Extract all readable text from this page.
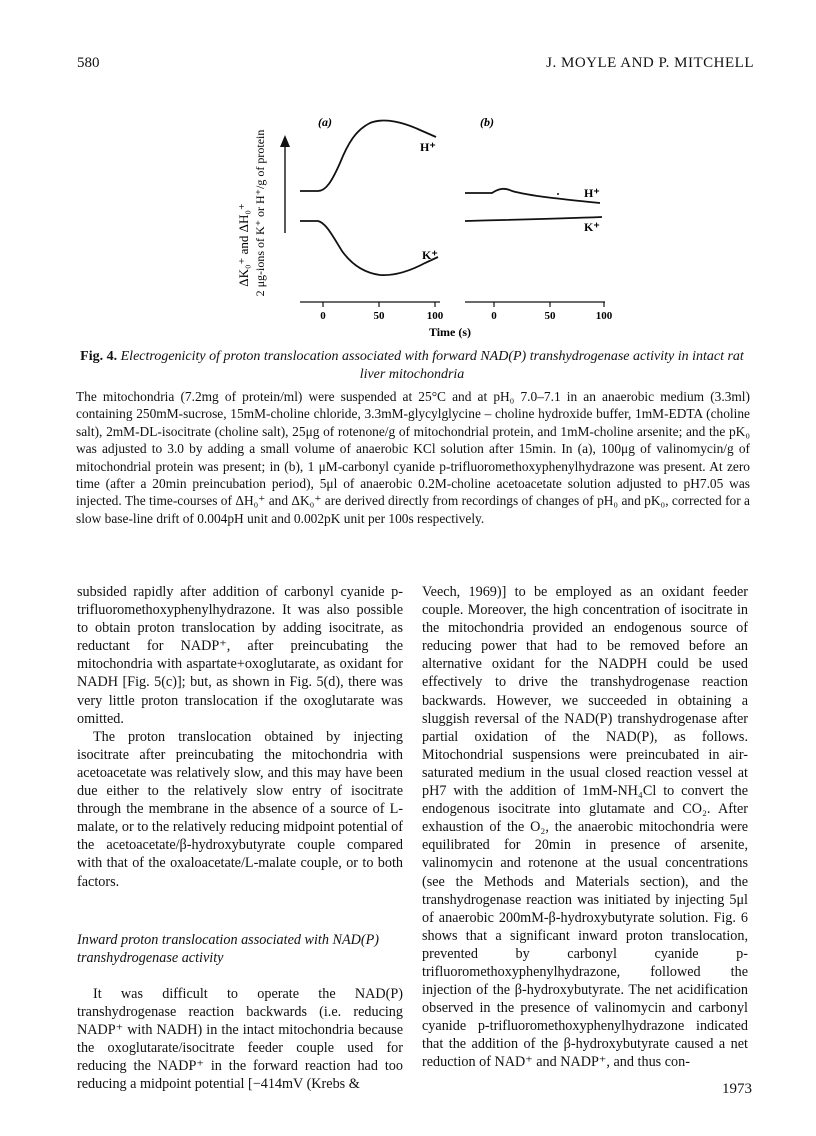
580	J. MOYLE AND P. MITCHELL
ΔK₀⁺ and ΔH₀⁺ 2 μg-ions of K⁺ or H⁺/g of protein
(a)	(b)
H⁺
K⁺
H⁺
K⁺
0	50	100	0	50	100
Time (s)
Fig. 4. Electrogenicity of proton translocation associated with forward NAD(P) transhydrogenase activity in intact rat liver mitochondria
The mitochondria (7.2mg of protein/ml) were suspended at 25°C and at pH₀ 7.0–7.1 in an anaerobic medium (3.3ml) containing 250mM-sucrose, 15mM-choline chloride, 3.3mM-glycylglycine – choline hydroxide buffer, 1mM-EDTA (choline salt), 2mM-DL-isocitrate (choline salt), 25μg of rotenone/g of mitochondrial protein, and 1mM-choline arsenite; and the pK₀ was adjusted to 3.0 by adding a small volume of anaerobic KCl solution after 15min. In (a), 100μg of valinomycin/g of mitochondrial protein was present; in (b), 1 μM-carbonyl cyanide p-trifluoromethoxyphenylhydrazone was present. At zero time (after a 20min preincubation period), 5μl of anaerobic 0.2M-choline acetoacetate solution adjusted to pH7.05 was injected. The time-courses of ΔH₀⁺ and ΔK₀⁺ are derived directly from recordings of changes of pH₀ and pK₀, corrected for a slow base-line drift of 0.004pH unit and 0.002pK unit per 100s respectively.

subsided rapidly after addition of carbonyl cyanide p-trifluoromethoxyphenylhydrazone. It was also possible to obtain proton translocation by adding isocitrate, as reductant for NADP⁺, after preincubating the mitochondria with aspartate+oxoglutarate, as oxidant for NADH [Fig. 5(c)]; but, as shown in Fig. 5(d), there was very little proton translocation if the oxoglutarate was omitted.

The proton translocation obtained by injecting isocitrate after preincubating the mitochondria with acetoacetate was relatively slow, and this may have been due either to the relatively slow entry of isocitrate through the membrane in the absence of a source of L-malate, or to the relatively reducing midpoint potential of the acetoacetate/β-hydroxybutyrate couple compared with that of the oxaloacetate/L-malate couple, or to both factors.

Inward proton translocation associated with NAD(P) transhydrogenase activity

It was difficult to operate the NAD(P) transhydrogenase reaction backwards (i.e. reducing NADP⁺ with NADH) in the intact mitochondria because the oxoglutarate/isocitrate feeder couple used for reducing the NADP⁺ in the forward reaction had too reducing a midpoint potential [−414mV (Krebs &

Veech, 1969)] to be employed as an oxidant feeder couple. Moreover, the high concentration of isocitrate in the mitochondria provided an endogenous source of reducing power that had to be removed before an alternative oxidant for the NADPH could be used effectively to drive the transhydrogenase reaction backwards. However, we succeeded in obtaining a sluggish reversal of the NAD(P) transhydrogenase after partial oxidation of the NAD(P), as follows. Mitochondrial suspensions were preincubated in air-saturated medium in the usual closed reaction vessel at pH7 with the addition of 1mM-NH₄Cl to convert the endogenous isocitrate into glutamate and CO₂. After exhaustion of the O₂, the anaerobic mitochondria were equilibrated for 20min in presence of arsenite, valinomycin and rotenone at the usual concentrations (see the Methods and Materials section), and the transhydrogenase reaction was initiated by injecting 5μl of anaerobic 200mM-β-hydroxybutyrate solution. Fig. 6 shows that a significant inward proton translocation, prevented by carbonyl cyanide p-trifluoromethoxyphenylhydrazone, followed the injection of the β-hydroxybutyrate. The net acidification observed in the presence of valinomycin and carbonyl cyanide p-trifluoromethoxyphenylhydrazone indicated that the addition of the β-hydroxybutyrate caused a net reduction of NAD⁺ and NADP⁺, and thus con-

1973
